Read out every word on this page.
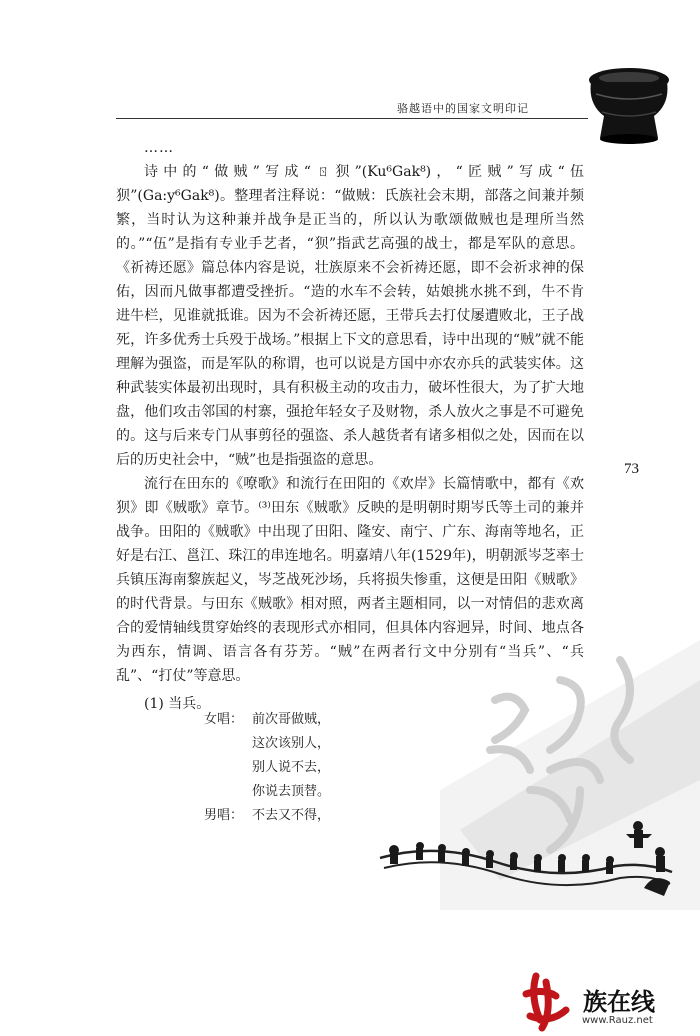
骆越语中的国家文明印记

……

诗中的“做贼”写成“ㄖ狈”(Ku⁶Gak⁸)，“匠贼”写成“伍狈”(Ga:y⁶Gak⁸)。整理者注释说：“做贼：氏族社会末期，部落之间兼并频繁，当时认为这种兼并战争是正当的，所以认为歌颂做贼也是理所当然的。”“伍”是指有专业手艺者，“狈”指武艺高强的战士，都是军队的意思。《祈祷还愿》篇总体内容是说，壮族原来不会祈祷还愿，即不会祈求神的保佑，因而凡做事都遭受挫折。“造的水车不会转，姑娘挑水挑不到，牛不肯进牛栏，见谁就抵谁。因为不会祈祷还愿，王带兵去打仗屡遭败北，王子战死，许多优秀士兵殁于战场。”根据上下文的意思看，诗中出现的“贼”就不能理解为强盗，而是军队的称谓，也可以说是方国中亦农亦兵的武装实体。这种武装实体最初出现时，具有积极主动的攻击力，破坏性很大，为了扩大地盘，他们攻击邻国的村寨，强抢年轻女子及财物，杀人放火之事是不可避免的。这与后来专门从事剪径的强盗、杀人越货者有诸多相似之处，因而在以后的历史社会中，“贼”也是指强盗的意思。

流行在田东的《嘹歌》和流行在田阳的《欢岸》长篇情歌中，都有《欢狈》即《贼歌》章节。⁽³⁾田东《贼歌》反映的是明朝时期岑氏等土司的兼并战争。田阳的《贼歌》中出现了田阳、隆安、南宁、广东、海南等地名，正好是右江、邕江、珠江的串连地名。明嘉靖八年(1529年)，明朝派岑芝率士兵镇压海南黎族起义，岑芝战死沙场，兵将损失惨重，这便是田阳《贼歌》的时代背景。与田东《贼歌》相对照，两者主题相同，以一对情侣的悲欢离合的爱情轴线贯穿始终的表现形式亦相同，但具体内容迥异，时间、地点各为西东，情调、语言各有芬芳。“贼”在两者行文中分别有“当兵”、“兵乱”、“打仗”等意思。

(1) 当兵。

73
女唱： 前次哥做贼，
这次该别人，
别人说不去，
你说去顶替。
男唱： 不去又不得，
族在线
www.Rauz.net
